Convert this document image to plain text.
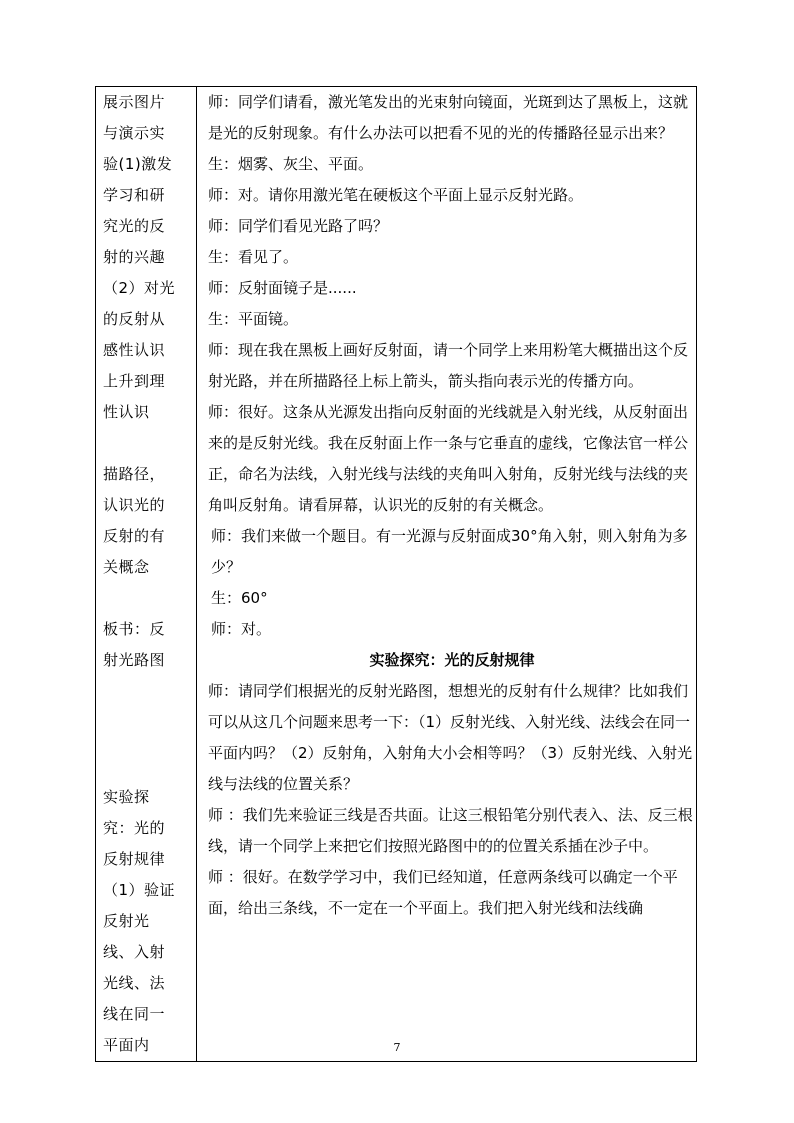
展示图片
与演示实
验(1)激发
学习和研
究光的反
射的兴趣
（2）对光
的反射从
感性认识
上升到理
性认识
描路径，
认识光的
反射的有
关概念
板书：反
射光路图
实验探
究：光的
反射规律
（1）验证
反射光
线、入射
光线、法
线在同一
平面内

师：同学们请看，激光笔发出的光束射向镜面，光斑到达了黑板上，这就是光的反射现象。有什么办法可以把看不见的光的传播路径显示出来？

生：烟雾、灰尘、平面。

师：对。请你用激光笔在硬板这个平面上显示反射光路。

师：同学们看见光路了吗？

生：看见了。

师：反射面镜子是......

生：平面镜。

师：现在我在黑板上画好反射面，请一个同学上来用粉笔大概描出这个反射光路，并在所描路径上标上箭头，箭头指向表示光的传播方向。

师：很好。这条从光源发出指向反射面的光线就是入射光线，从反射面出来的是反射光线。我在反射面上作一条与它垂直的虚线，它像法官一样公正，命名为法线，入射光线与法线的夹角叫入射角，反射光线与法线的夹角叫反射角。请看屏幕，认识光的反射的有关概念。

师：我们来做一个题目。有一光源与反射面成30°角入射，则入射角为多少？

生：60°

师：对。

实验探究：光的反射规律

师：请同学们根据光的反射光路图，想想光的反射有什么规律？比如我们可以从这几个问题来思考一下：（1）反射光线、入射光线、法线会在同一平面内吗？（2）反射角，入射角大小会相等吗？（3）反射光线、入射光线与法线的位置关系？

师 ：我们先来验证三线是否共面。让这三根铅笔分别代表入、法、反三根线，请一个同学上来把它们按照光路图中的的位置关系插在沙子中。

师 ：很好。在数学学习中，我们已经知道，任意两条线可以确定一个平面，给出三条线，不一定在一个平面上。我们把入射光线和法线确

7
